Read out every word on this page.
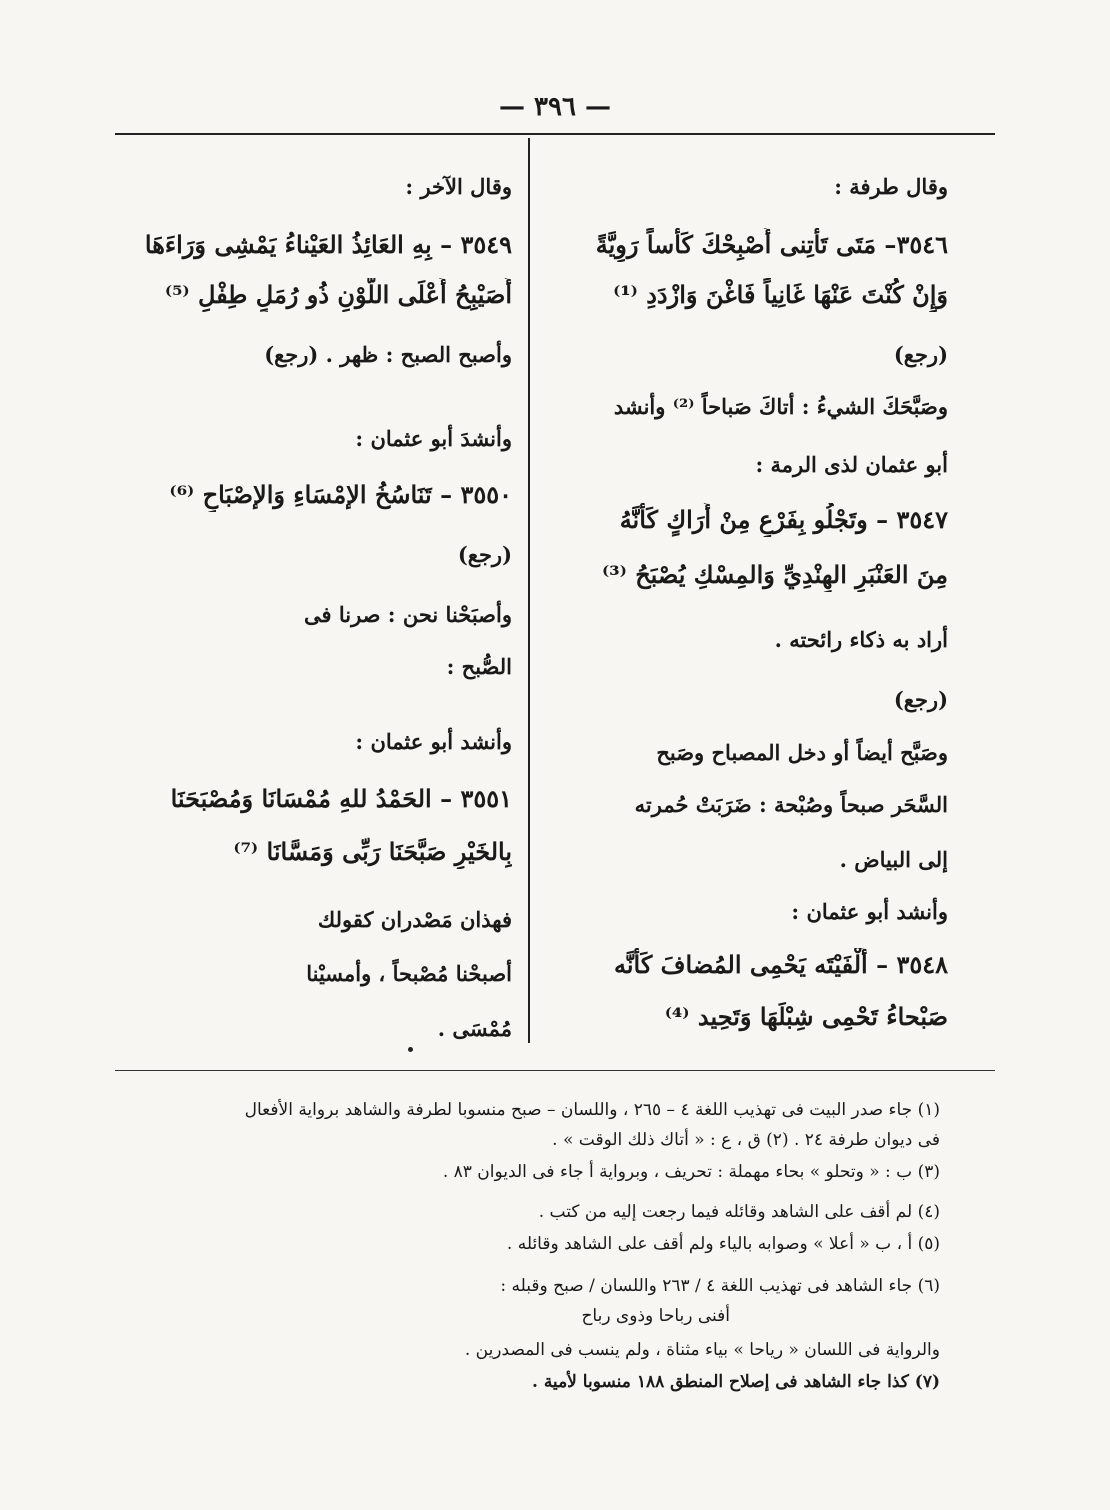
— ٣٩٦ —
وقال طرفة :
٣٥٤٦– مَتَى تَأْتِنى أُصْبِحْكَ كَأْساً رَوِيَّةً
وَإِنْ كُنْتَ عَنْهَا غَانِياً فَاغْنَ وَازْدَدِ ⁽¹⁾
(رجع)
وصَبَّحَكَ الشيءُ : أتاكَ صَباحاً ⁽²⁾ وأنشد
أبو عثمان لذى الرمة :
٣٥٤٧ – وتَجْلُو بِفَرْعٍ مِنْ أَرَاكٍ كَأَنَّهُ
مِنَ العَنْبَرِ الهِنْدِيِّ وَالمِسْكِ يُصْبَحُ ⁽³⁾
أراد به ذكاء رائحته .
(رجع)
وصَبَّح أيضاً أو دخل المصباح وصَبح
السَّحَر صبحاً وصُبْحة : ضَرَبَتْ حُمرته
إلى البياض .
وأنشد أبو عثمان :
٣٥٤٨ – أَلْفَيْتَه يَحْمِى المُضافَ كَأَنَّه
صَبْحاءُ تَحْمِى شِبْلَهَا وَتَحِيد ⁽⁴⁾
وقال الآخر :
٣٥٤٩ – بِهِ العَائِذُ العَيْناءُ يَمْشِى وَرَاءَهَا
أُصَيْبِحُ أَعْلَى اللَّوْنِ ذُو رُمَلٍ طِفْلِ ⁽⁵⁾
وأصبح الصبح : ظهر . (رجع)
وأنشدَ أبو عثمان :
٣٥٥٠ – تَنَاسُخُ الإمْسَاءِ وَالإصْبَاحِ ⁽⁶⁾
(رجع)
وأصبَحْنا نحن : صرنا فى
الصُّبح :
وأنشد أبو عثمان :
٣٥٥١ – الحَمْدُ للهِ مُمْسَانَا وَمُصْبَحَنَا
بِالخَيْرِ صَبَّحَنَا رَبِّى وَمَسَّانَا ⁽⁷⁾
فهذان مَصْدران كقولك
أصبحْنا مُصْبحاً ، وأمسيْنا
مُمْسَى .
(١) جاء صدر البيت فى تهذيب اللغة ٤ – ٢٦٥ ، واللسان – صبح منسوبا لطرفة والشاهد برواية الأفعال
فى ديوان طرفة ٢٤ . (٢) ق ، ع : « أتاك ذلك الوقت » .
(٣) ب : « وتحلو » بحاء مهملة : تحريف ، وبرواية أ جاء فى الديوان ٨٣ .
(٤) لم أقف على الشاهد وقائله فيما رجعت إليه من كتب .
(٥) أ ، ب « أعلا » وصوابه بالياء ولم أقف على الشاهد وقائله .
(٦) جاء الشاهد فى تهذيب اللغة ٤ / ٢٦٣ واللسان / صبح وقبله :
أفنى رباحا وذوى رباح
والرواية فى اللسان « رياحا » بياء مثناة ، ولم ينسب فى المصدرين .
(٧) كذا جاء الشاهد فى إصلاح المنطق ١٨٨ منسوبا لأمية .
